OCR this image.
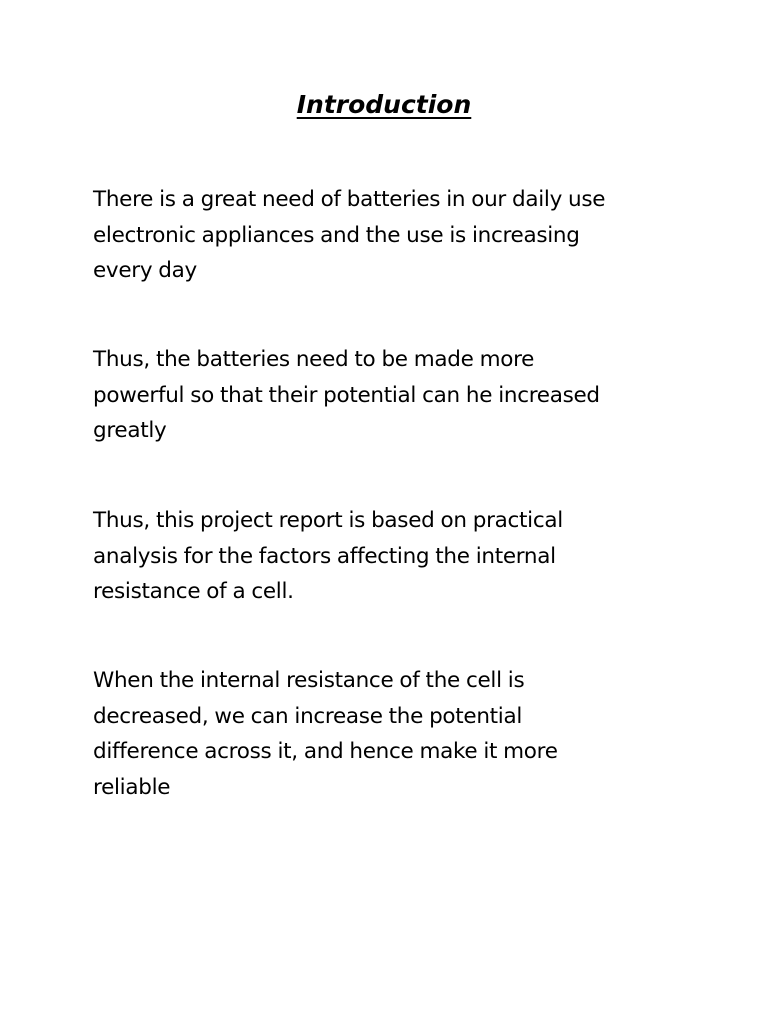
Introduction

There is a great need of batteries in our daily use
electronic appliances and the use is increasing
every day

Thus, the batteries need to be made more
powerful so that their potential can he increased
greatly

Thus, this project report is based on practical
analysis for the factors affecting the internal
resistance of a cell.

When the internal resistance of the cell is
decreased, we can increase the potential
difference across it, and hence make it more
reliable
